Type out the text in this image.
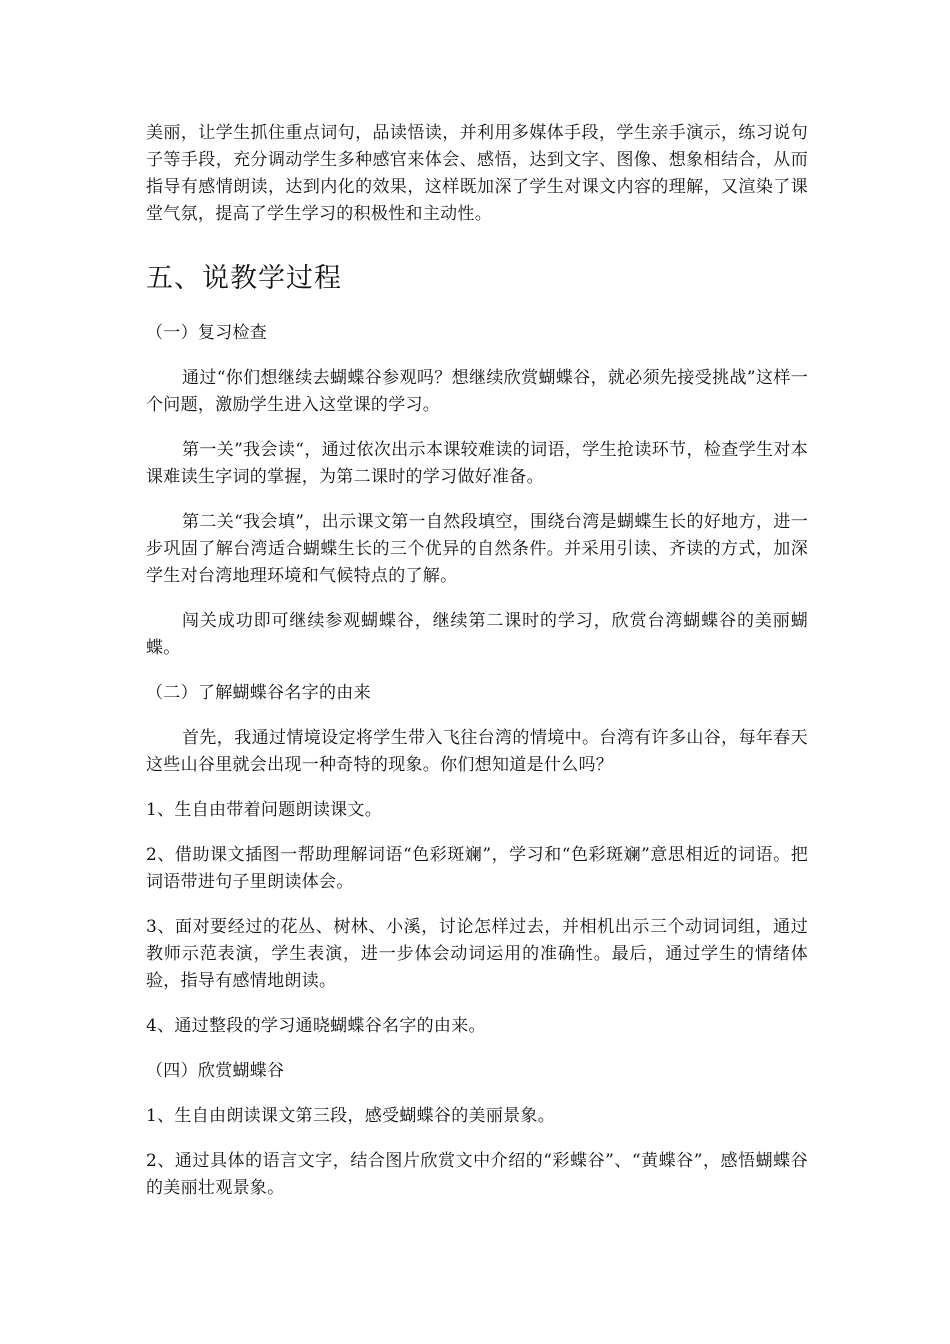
美丽，让学生抓住重点词句，品读悟读，并利用多媒体手段，学生亲手演示，练习说句子等手段，充分调动学生多种感官来体会、感悟，达到文字、图像、想象相结合，从而指导有感情朗读，达到内化的效果，这样既加深了学生对课文内容的理解，又渲染了课堂气氛，提高了学生学习的积极性和主动性。

五、说教学过程

（一）复习检查

通过“你们想继续去蝴蝶谷参观吗？想继续欣赏蝴蝶谷，就必须先接受挑战”这样一个问题，激励学生进入这堂课的学习。

第一关”我会读“，通过依次出示本课较难读的词语，学生抢读环节，检查学生对本课难读生字词的掌握，为第二课时的学习做好准备。

第二关“我会填”，出示课文第一自然段填空，围绕台湾是蝴蝶生长的好地方，进一步巩固了解台湾适合蝴蝶生长的三个优异的自然条件。并采用引读、齐读的方式，加深学生对台湾地理环境和气候特点的了解。

闯关成功即可继续参观蝴蝶谷，继续第二课时的学习，欣赏台湾蝴蝶谷的美丽蝴蝶。

（二）了解蝴蝶谷名字的由来

首先，我通过情境设定将学生带入飞往台湾的情境中。台湾有许多山谷，每年春天这些山谷里就会出现一种奇特的现象。你们想知道是什么吗？

1、生自由带着问题朗读课文。

2、借助课文插图一帮助理解词语“色彩斑斓”，学习和“色彩斑斓”意思相近的词语。把词语带进句子里朗读体会。

3、面对要经过的花丛、树林、小溪，讨论怎样过去，并相机出示三个动词词组，通过教师示范表演，学生表演，进一步体会动词运用的准确性。最后，通过学生的情绪体验，指导有感情地朗读。

4、通过整段的学习通晓蝴蝶谷名字的由来。

（四）欣赏蝴蝶谷

1、生自由朗读课文第三段，感受蝴蝶谷的美丽景象。

2、通过具体的语言文字，结合图片欣赏文中介绍的“彩蝶谷”、“黄蝶谷”，感悟蝴蝶谷的美丽壮观景象。
